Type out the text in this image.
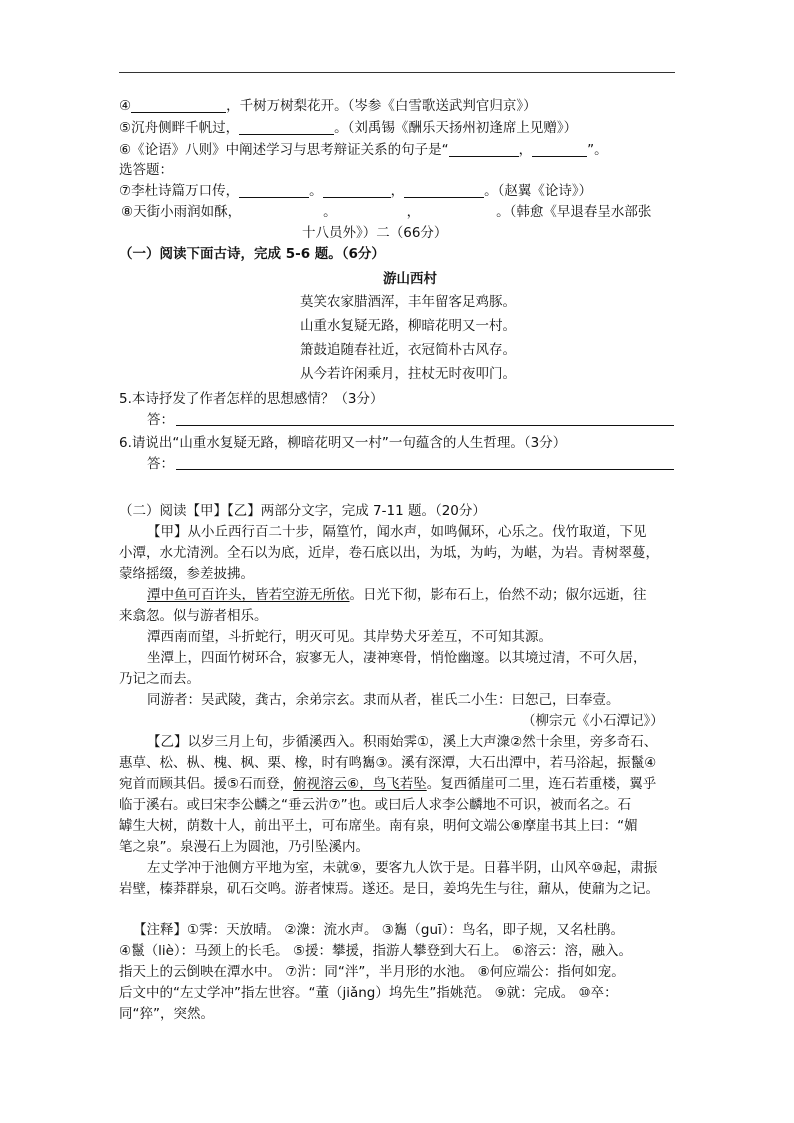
④	，千树万树梨花开。（岑参《白雪歌送武判官归京》）
⑤沉舟侧畔千帆过，	。（刘禹锡《酬乐天扬州初逢席上见赠》）
⑥《论语》八则》中阐述学习与思考辩证关系的句子是“	，	”。
选答题：
⑦李杜诗篇万口传，	。	，	。（赵翼《论诗》）
⑧天街小雨润如酥，	。	，	。（韩愈《早退春呈水部张
十八员外》）二（66分）
（一）阅读下面古诗，完成 5-6 题。（6分）
游山西村
莫笑农家腊酒浑，丰年留客足鸡豚。
山重水复疑无路，柳暗花明又一村。
箫鼓追随春社近，衣冠简朴古风存。
从今若许闲乘月，拄杖无时夜叩门。
5.本诗抒发了作者怎样的思想感情？（3分）
答：
6.请说出“山重水复疑无路，柳暗花明又一村”一句蕴含的人生哲理。（3分）
答：
（二）阅读【甲】【乙】两部分文字，完成 7-11 题。（20分）
【甲】从小丘西行百二十步，隔篁竹，闻水声，如鸣佩环，心乐之。伐竹取道，下见
小潭，水尤清洌。全石以为底，近岸，卷石底以出，为坻，为屿，为嵁，为岩。青树翠蔓，
蒙络摇缀，参差披拂。
潭中鱼可百许头，皆若空游无所依。日光下彻，影布石上，佁然不动；俶尔远逝，往
来翕忽。似与游者相乐。
潭西南而望，斗折蛇行，明灭可见。其岸势犬牙差互，不可知其源。
坐潭上，四面竹树环合，寂寥无人，凄神寒骨，悄怆幽邃。以其境过清，不可久居，
乃记之而去。
同游者：吴武陵，龚古，余弟宗玄。隶而从者，崔氏二小生：曰恕己，曰奉壹。
（柳宗元《小石潭记》）
【乙】以岁三月上旬，步循溪西入。积雨始霁①，溪上大声潨②然十余里，旁多奇石、
惠草、松、枞、槐、枫、栗、橡，时有鸣雟③。溪有深潭，大石出潭中，若马浴起，振鬣④
宛首而顾其侣。援⑤石而登，俯视溶云⑥，鸟飞若坠。复西循崖可二里，连石若重楼，翼乎
临于溪右。或曰宋李公麟之“垂云沜⑦”也。或曰后人求李公麟地不可识，被而名之。石
罅生大树，荫数十人，前出平土，可布席坐。南有泉，明何文端公⑧摩崖书其上曰：“媚
笔之泉”。泉漫石上为圆池，乃引坠溪内。
左丈学冲于池侧方平地为室，未就⑨，要客九人饮于是。日暮半阴，山风卒⑩起，肃振
岩壁，榛莽群泉，矶石交鸣。游者悚焉。遂还。是日，姜坞先生与往，鼐从，使鼐为之记。
【注释】①霁：天放晴。 ②潨：流水声。 ③雟（guī）：鸟名，即子规，又名杜鹃。
④鬣（liè）：马颈上的长毛。 ⑤援：攀援，指游人攀登到大石上。 ⑥溶云：溶，融入。
指天上的云倒映在潭水中。 ⑦沜：同“泮”，半月形的水池。 ⑧何应端公：指何如宠。
后文中的“左丈学冲”指左世容。“董（jiǎng）坞先生”指姚范。 ⑨就：完成。 ⑩卒：
同“猝”，突然。
